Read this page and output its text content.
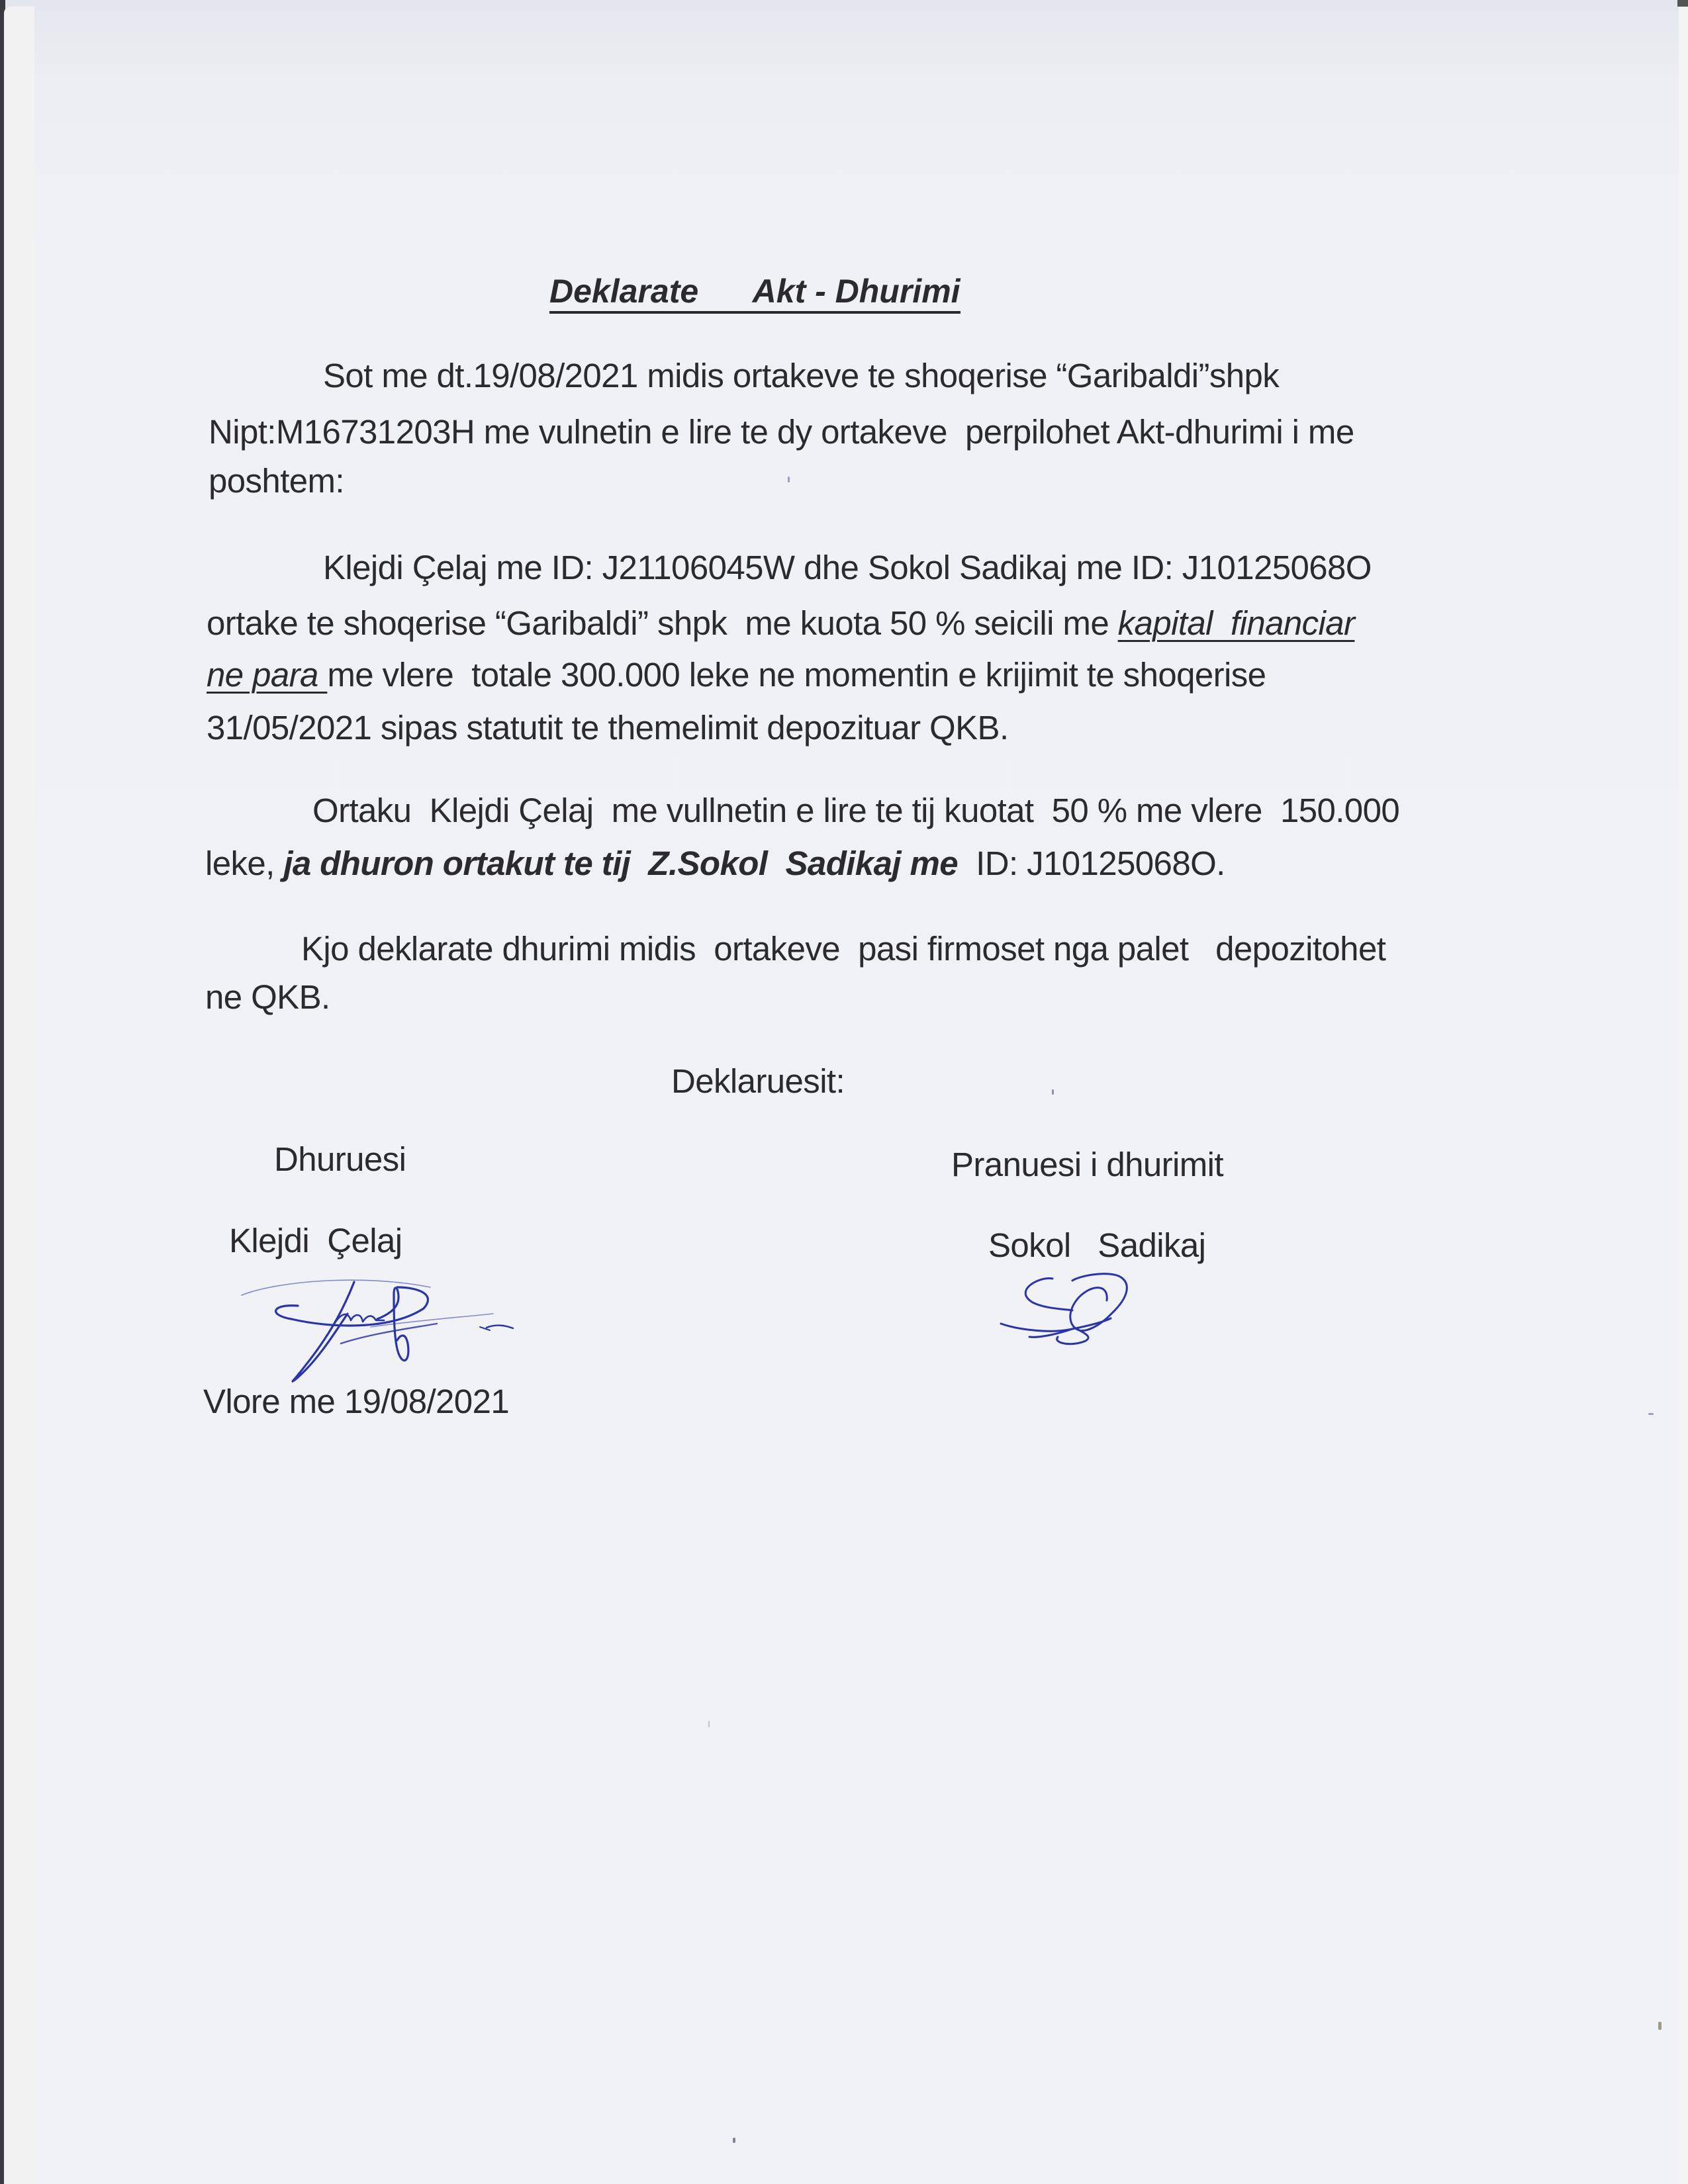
Deklarate Akt - Dhurimi
Sot me dt.19/08/2021 midis ortakeve te shoqerise “Garibaldi”shpk
Nipt:M16731203H me vulnetin e lire te dy ortakeve  perpilohet Akt-dhurimi i me
poshtem:
Klejdi Çelaj me ID: J21106045W dhe Sokol Sadikaj me ID: J10125068O
ortake te shoqerise “Garibaldi” shpk  me kuota 50 % seicili me kapital  financiar
ne para me vlere  totale 300.000 leke ne momentin e krijimit te shoqerise
31/05/2021 sipas statutit te themelimit depozituar QKB.
Ortaku  Klejdi Çelaj  me vullnetin e lire te tij kuotat  50 % me vlere  150.000
leke, ja dhuron ortakut te tij  Z.Sokol  Sadikaj me  ID: J10125068O.
Kjo deklarate dhurimi midis  ortakeve  pasi firmoset nga palet   depozitohet
ne QKB.
Deklaruesit:
Dhuruesi	Pranuesi i dhurimit
Klejdi  Çelaj	Sokol   Sadikaj
Vlore me 19/08/2021
